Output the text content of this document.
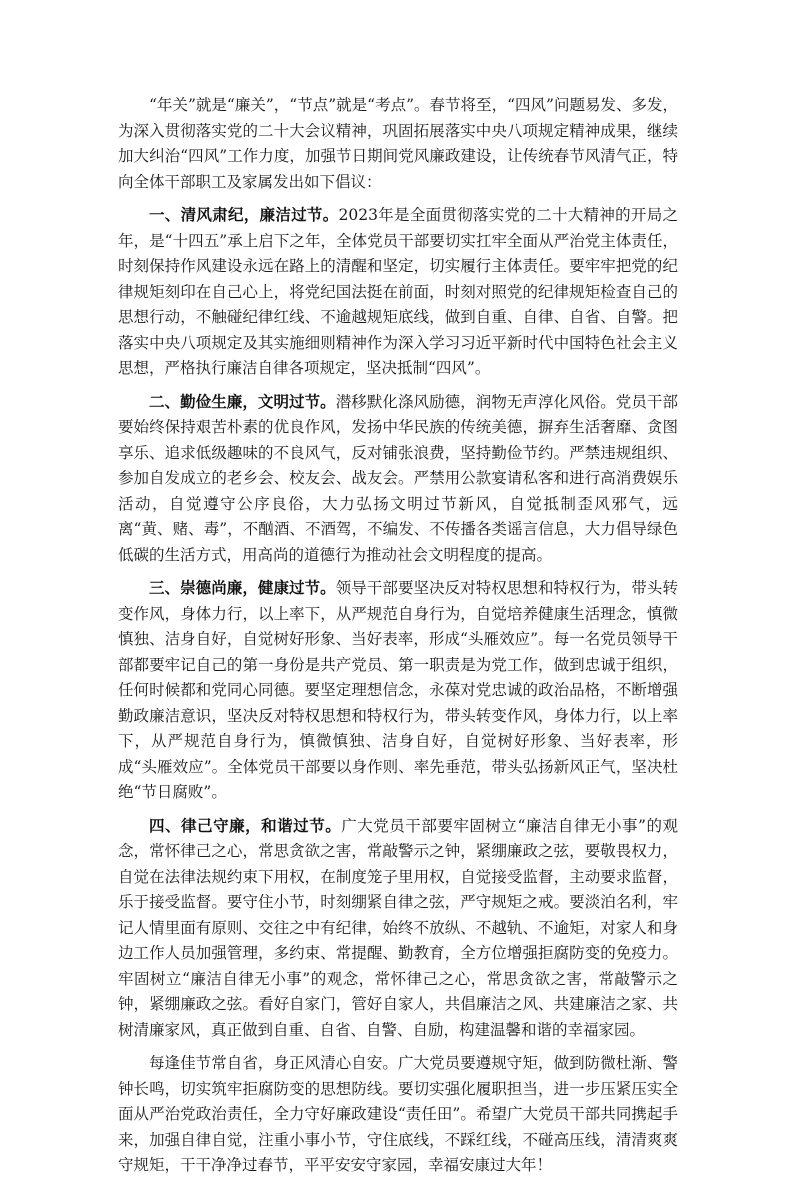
“年关”就是“廉关”，“节点”就是“考点”。春节将至，“四风”问题易发、多发，为深入贯彻落实党的二十大会议精神，巩固拓展落实中央八项规定精神成果，继续加大纠治“四风”工作力度，加强节日期间党风廉政建设，让传统春节风清气正，特向全体干部职工及家属发出如下倡议：

一、清风肃纪，廉洁过节。2023年是全面贯彻落实党的二十大精神的开局之年，是“十四五”承上启下之年，全体党员干部要切实扛牢全面从严治党主体责任，时刻保持作风建设永远在路上的清醒和坚定，切实履行主体责任。要牢牢把党的纪律规矩刻印在自己心上，将党纪国法挺在前面，时刻对照党的纪律规矩检查自己的思想行动，不触碰纪律红线、不逾越规矩底线，做到自重、自律、自省、自警。把落实中央八项规定及其实施细则精神作为深入学习习近平新时代中国特色社会主义思想，严格执行廉洁自律各项规定，坚决抵制“四风”。

二、勤俭生廉，文明过节。潜移默化涤风励德，润物无声淳化风俗。党员干部要始终保持艰苦朴素的优良作风，发扬中华民族的传统美德，摒弃生活奢靡、贪图享乐、追求低级趣味的不良风气，反对铺张浪费，坚持勤俭节约。严禁违规组织、参加自发成立的老乡会、校友会、战友会。严禁用公款宴请私客和进行高消费娱乐活动，自觉遵守公序良俗，大力弘扬文明过节新风，自觉抵制歪风邪气，远离“黄、赌、毒”，不酗酒、不酒驾，不编发、不传播各类谣言信息，大力倡导绿色低碳的生活方式，用高尚的道德行为推动社会文明程度的提高。

三、崇德尚廉，健康过节。领导干部要坚决反对特权思想和特权行为，带头转变作风，身体力行，以上率下，从严规范自身行为，自觉培养健康生活理念，慎微慎独、洁身自好，自觉树好形象、当好表率，形成“头雁效应”。每一名党员领导干部都要牢记自己的第一身份是共产党员、第一职责是为党工作，做到忠诚于组织，任何时候都和党同心同德。要坚定理想信念，永葆对党忠诚的政治品格，不断增强勤政廉洁意识，坚决反对特权思想和特权行为，带头转变作风，身体力行，以上率下，从严规范自身行为，慎微慎独、洁身自好，自觉树好形象、当好表率，形成“头雁效应”。全体党员干部要以身作则、率先垂范，带头弘扬新风正气，坚决杜绝“节日腐败”。

四、律己守廉，和谐过节。广大党员干部要牢固树立“廉洁自律无小事”的观念，常怀律己之心，常思贪欲之害，常敲警示之钟，紧绷廉政之弦，要敬畏权力，自觉在法律法规约束下用权，在制度笼子里用权，自觉接受监督，主动要求监督，乐于接受监督。要守住小节，时刻绷紧自律之弦，严守规矩之戒。要淡泊名利，牢记人情里面有原则、交往之中有纪律，始终不放纵、不越轨、不逾矩，对家人和身边工作人员加强管理，多约束、常提醒、勤教育，全方位增强拒腐防变的免疫力。牢固树立“廉洁自律无小事”的观念，常怀律己之心，常思贪欲之害，常敲警示之钟，紧绷廉政之弦。看好自家门，管好自家人，共倡廉洁之风、共建廉洁之家、共树清廉家风，真正做到自重、自省、自警、自励，构建温馨和谐的幸福家园。

每逢佳节常自省，身正风清心自安。广大党员要遵规守矩，做到防微杜渐、警钟长鸣，切实筑牢拒腐防变的思想防线。要切实强化履职担当，进一步压紧压实全面从严治党政治责任，全力守好廉政建设“责任田”。希望广大党员干部共同携起手来，加强自律自觉，注重小事小节，守住底线，不踩红线，不碰高压线，清清爽爽守规矩，干干净净过春节，平平安安守家园，幸福安康过大年！
